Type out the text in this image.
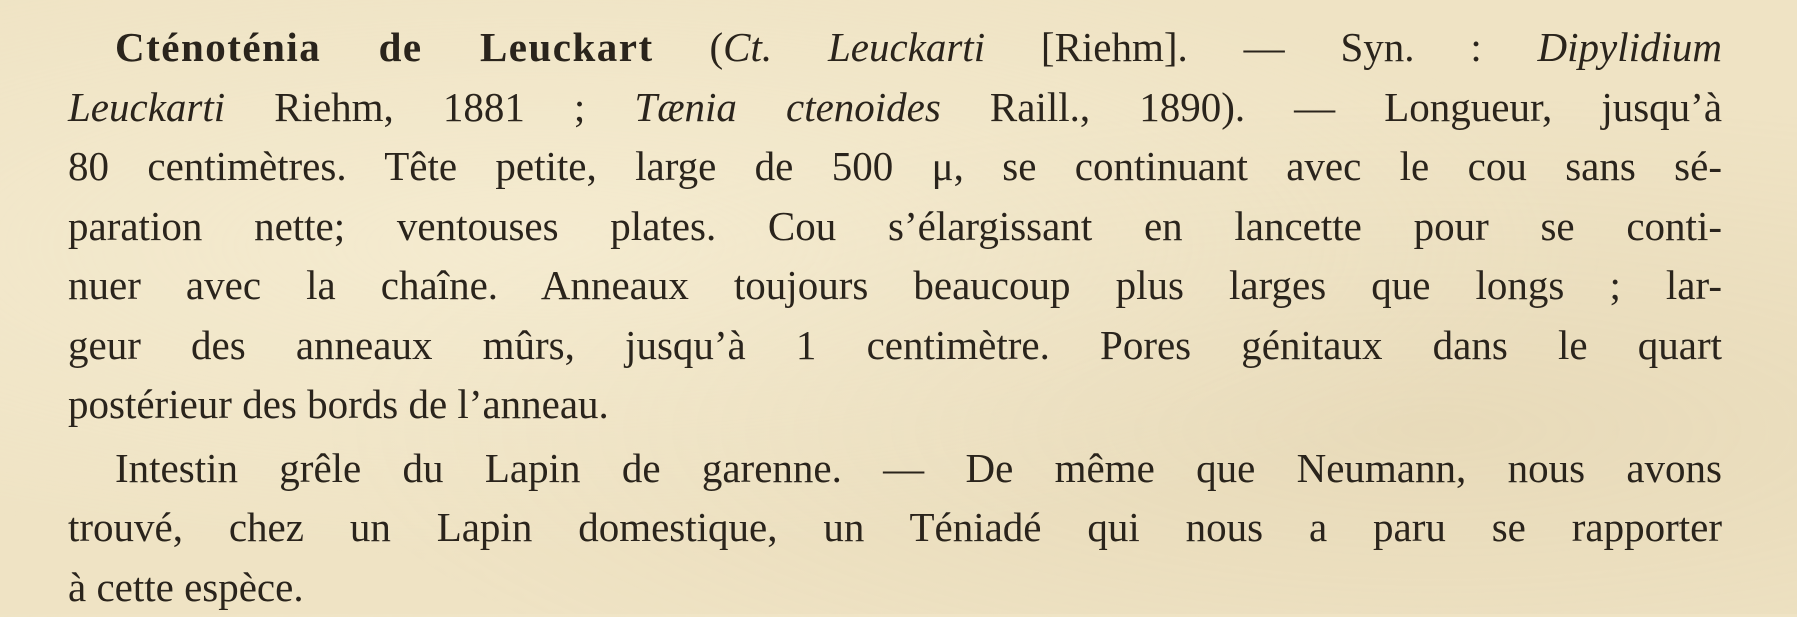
Cténoténia de Leuckart (Ct. Leuckarti [Riehm]. — Syn. : Dipylidium
Leuckarti Riehm, 1881 ; Tænia ctenoides Raill., 1890). — Longueur, jusqu’à
80 centimètres. Tête petite, large de 500 μ, se continuant avec le cou sans sé-
paration nette; ventouses plates. Cou s’élargissant en lancette pour se conti-
nuer avec la chaîne. Anneaux toujours beaucoup plus larges que longs ; lar-
geur des anneaux mûrs, jusqu’à 1 centimètre. Pores génitaux dans le quart
postérieur des bords de l’anneau.

Intestin grêle du Lapin de garenne. — De même que Neumann, nous avons
trouvé, chez un Lapin domestique, un Téniadé qui nous a paru se rapporter
à cette espèce.
